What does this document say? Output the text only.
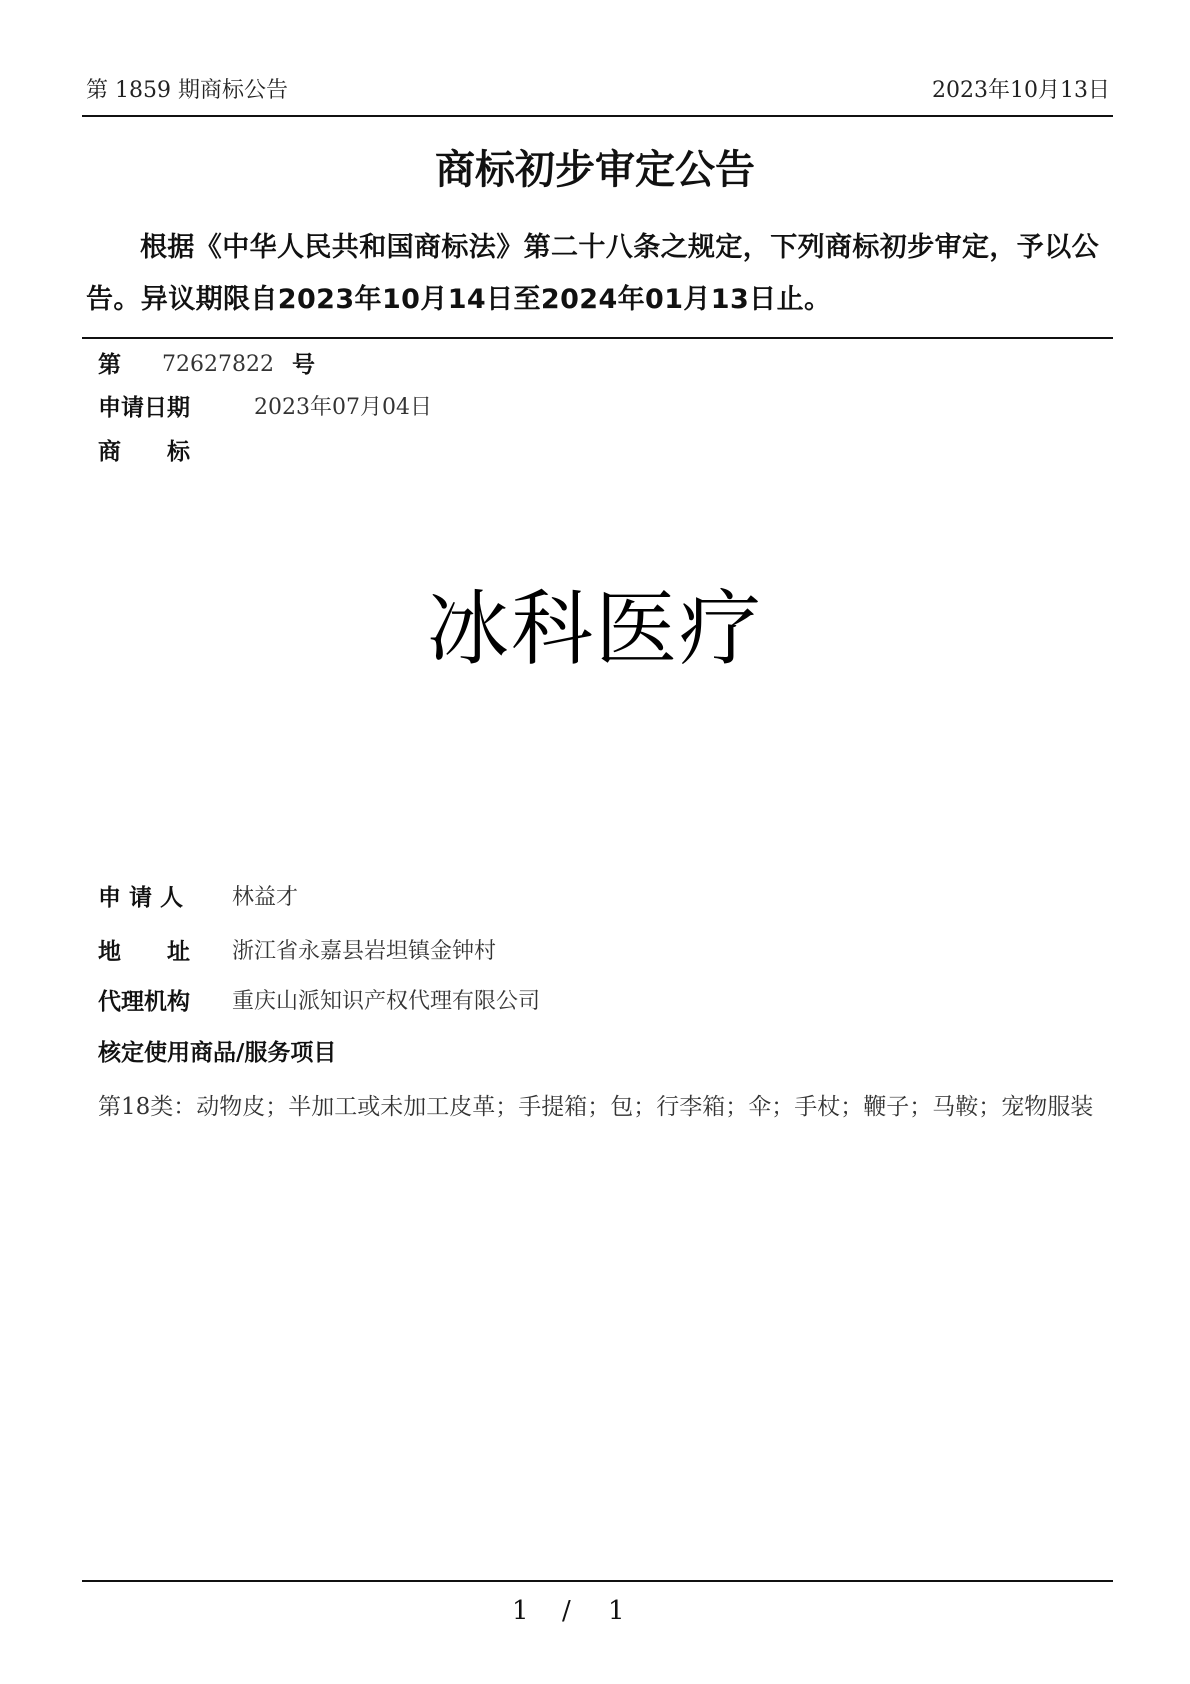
第 1859 期商标公告	2023年10月13日
商标初步审定公告
根据《中华人民共和国商标法》第二十八条之规定，下列商标初步审定，予以公告。异议期限自2023年10月14日至2024年01月13日止。
第 72627822 号
申请日期	2023年07月04日
商　　标
冰科医疗
申 请 人 林益才
地　　址 浙江省永嘉县岩坦镇金钟村
代理机构 重庆山派知识产权代理有限公司
核定使用商品/服务项目
第18类：动物皮；半加工或未加工皮革；手提箱；包；行李箱；伞；手杖；鞭子；马鞍；宠物服装
1 / 1
